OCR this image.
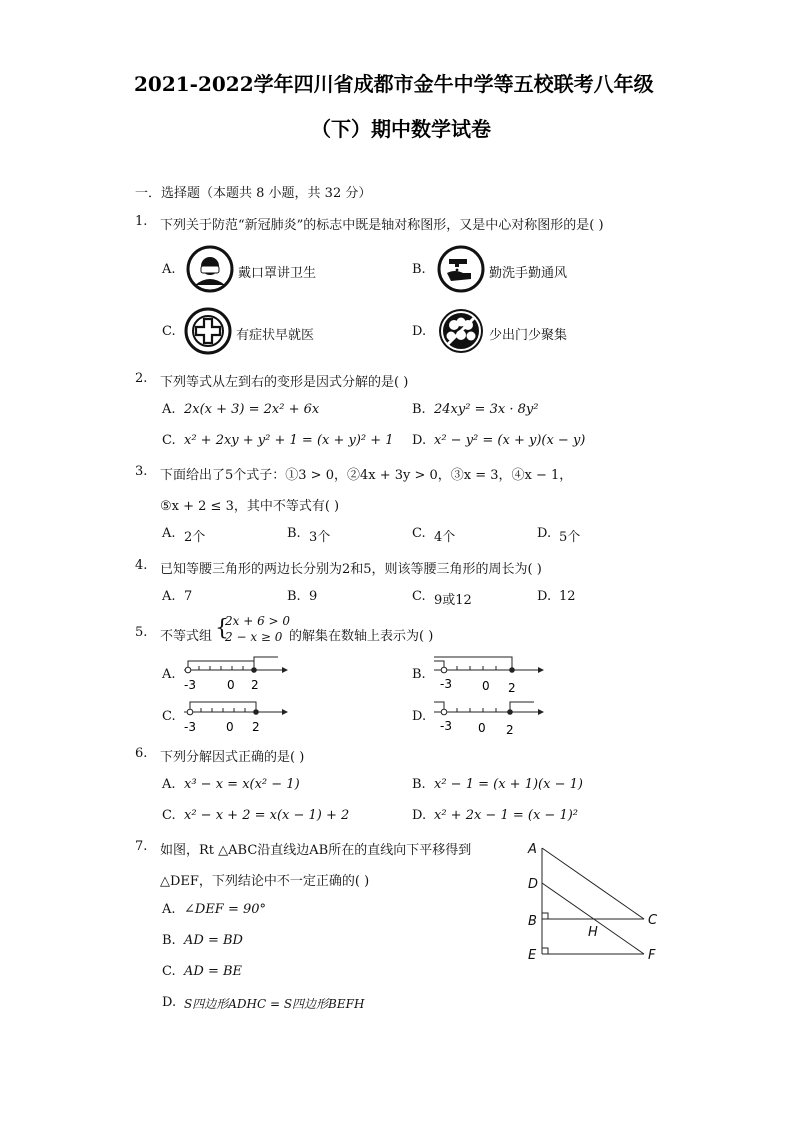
2021-2022学年四川省成都市金牛中学等五校联考八年级
（下）期中数学试卷
一．选择题（本题共 8 小题，共 32 分）
1. 下列关于防范“新冠肺炎”的标志中既是轴对称图形，又是中心对称图形的是( )
A.	戴口罩讲卫生	B.	勤洗手勤通风
C.	有症状早就医	D.	少出门少聚集
2. 下列等式从左到右的变形是因式分解的是( )
A. 2x(x + 3) = 2x² + 6x	B. 24xy² = 3x · 8y²
C. x² + 2xy + y² + 1 = (x + y)² + 1 D. x² − y² = (x + y)(x − y)
3. 下面给出了5个式子：①3 > 0，②4x + 3y > 0，③x = 3，④x − 1，
⑤x + 2 ≤ 3，其中不等式有( )
A. 2个	B. 3个	C. 4个	D. 5个
4. 已知等腰三角形的两边长分别为2和5，则该等腰三角形的周长为( )
A. 7	B. 9	C. 9或12	D. 12
5. 不等式组 {
2x + 6 > 0
2 − x ≥ 0 的解集在数轴上表示为( )
A.
-3	0 2
B.
-3	0 2
C.
-3	0 2
D.
-3 0 2
6. 下列分解因式正确的是( )
A. x³ − x = x(x² − 1)	B. x² − 1 = (x + 1)(x − 1)
C. x² − x + 2 = x(x − 1) + 2	D. x² + 2x − 1 = (x − 1)²
7. 如图，Rt △ABC沿直线边AB所在的直线向下平移得到
△DEF，下列结论中不一定正确的( )
A. ∠DEF = 90°
B. AD = BD
C. AD = BE
D. S四边形ADHC = S四边形BEFH
A
D
B
E
C
F
H
